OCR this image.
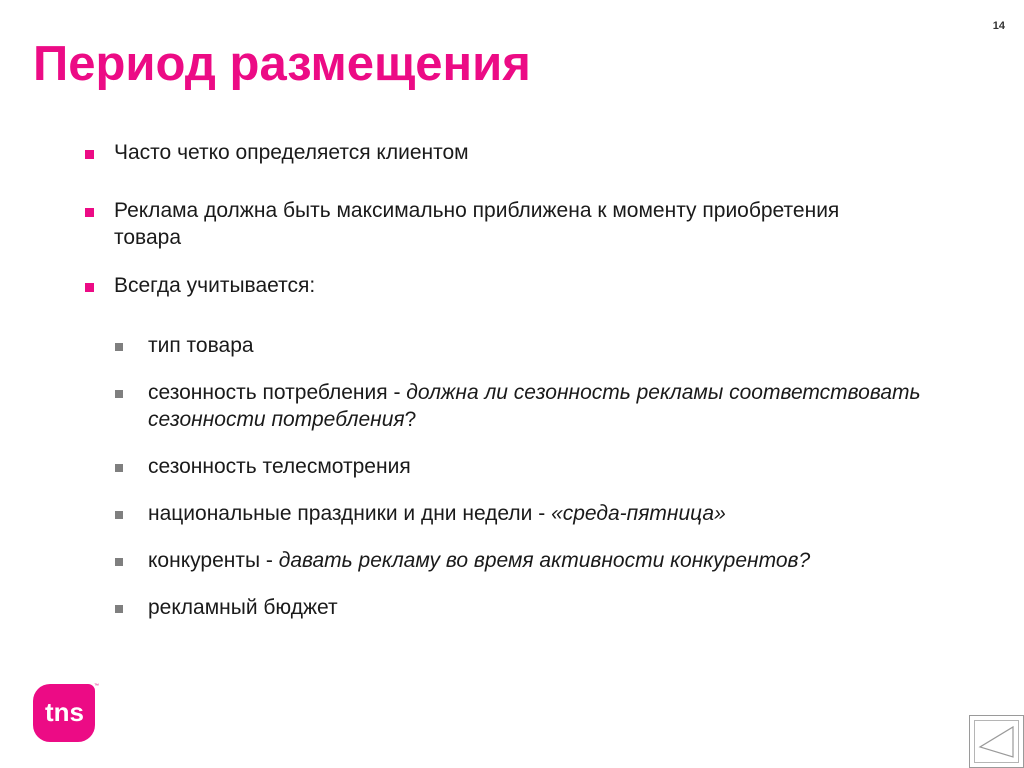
14
Период размещения
Часто четко определяется клиентом
Реклама должна быть максимально приближена к моменту приобретения товара
Всегда учитывается:
тип товара
сезонность потребления - должна ли сезонность рекламы соответствовать сезонности потребления?
сезонность телесмотрения
национальные праздники и дни недели - «среда-пятница»
конкуренты - давать рекламу во время активности конкурентов?
рекламный бюджет
tns
™
